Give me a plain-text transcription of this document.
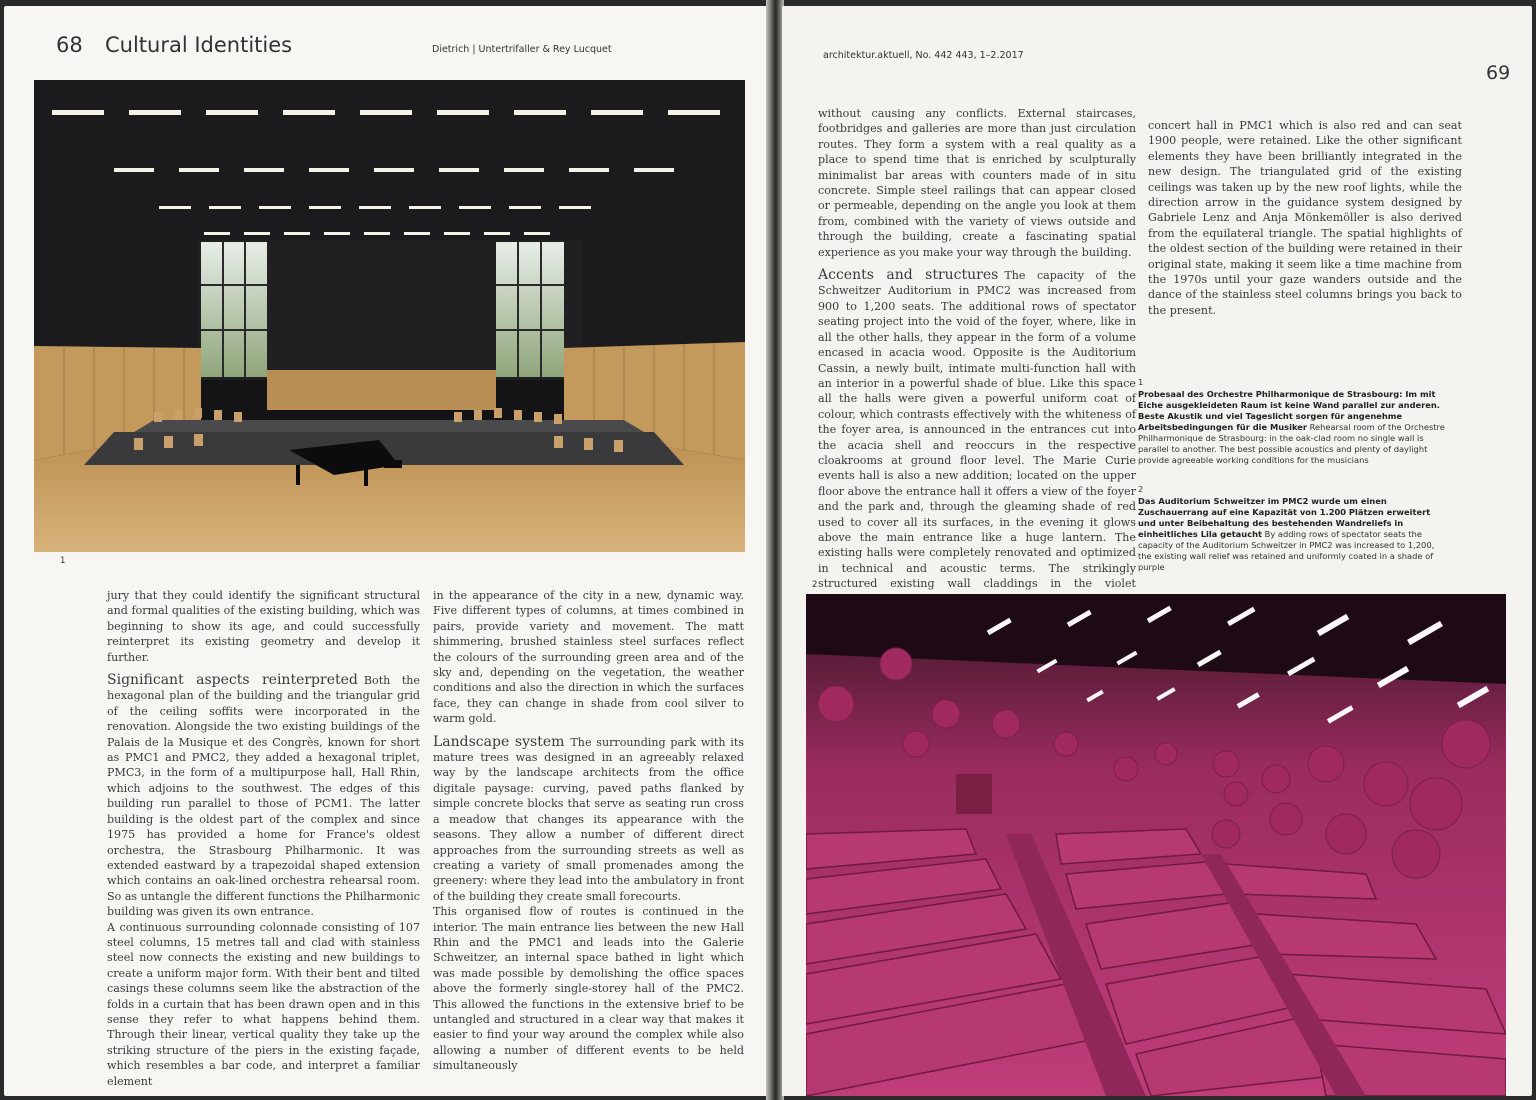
68 Cultural Identities	Dietrich | Untertrifaller & Rey Lucquet
1

jury that they could identify the significant structural and formal qualities of the existing building, which was beginning to show its age, and could successfully reinterpret its existing geometry and develop it further.

Significant aspects reinterpreted Both the hexagonal plan of the building and the triangular grid of the ceiling soffits were incorporated in the renovation. Alongside the two existing buildings of the Palais de la Musique et des Congrès, known for short as PMC1 and PMC2, they added a hexagonal triplet, PMC3, in the form of a multipurpose hall, Hall Rhin, which adjoins to the southwest. The edges of this building run parallel to those of PCM1. The latter building is the oldest part of the complex and since 1975 has provided a home for France's oldest orchestra, the Strasbourg Philharmonic. It was extended eastward by a trapezoidal shaped extension which contains an oak-lined orchestra rehearsal room. So as untangle the different functions the Philharmonic building was given its own entrance.

A continuous surrounding colonnade consisting of 107 steel columns, 15 metres tall and clad with stainless steel now connects the existing and new buildings to create a uniform major form. With their bent and tilted casings these columns seem like the abstraction of the folds in a curtain that has been drawn open and in this sense they refer to what happens behind them. Through their linear, vertical quality they take up the striking structure of the piers in the existing façade, which resembles a bar code, and interpret a familiar element

in the appearance of the city in a new, dynamic way. Five different types of columns, at times combined in pairs, provide variety and movement. The matt shimmering, brushed stainless steel surfaces reflect the colours of the surrounding green area and of the sky and, depending on the vegetation, the weather conditions and also the direction in which the surfaces face, they can change in shade from cool silver to warm gold.

Landscape system The surrounding park with its mature trees was designed in an agreeably relaxed way by the landscape architects from the office digitale paysage: curving, paved paths flanked by simple concrete blocks that serve as seating run cross a meadow that changes its appearance with the seasons. They allow a number of different direct approaches from the surrounding streets as well as creating a variety of small promenades among the greenery: where they lead into the ambulatory in front of the building they create small forecourts.

This organised flow of routes is continued in the interior. The main entrance lies between the new Hall Rhin and the PMC1 and leads into the Galerie Schweitzer, an internal space bathed in light which was made possible by demolishing the office spaces above the formerly single-storey hall of the PMC2. This allowed the functions in the extensive brief to be untangled and structured in a clear way that makes it easier to find your way around the complex while also allowing a number of different events to be held simultaneously

architektur.aktuell, No. 442 443, 1–2.2017
69

without causing any conflicts. External staircases, footbridges and galleries are more than just circulation routes. They form a system with a real quality as a place to spend time that is enriched by sculpturally minimalist bar areas with counters made of in situ concrete. Simple steel railings that can appear closed or permeable, depending on the angle you look at them from, combined with the variety of views outside and through the building, create a fascinating spatial experience as you make your way through the building.

Accents and structures The capacity of the Schweitzer Auditorium in PMC2 was increased from 900 to 1,200 seats. The additional rows of spectator seating project into the void of the foyer, where, like in all the other halls, they appear in the form of a volume encased in acacia wood. Opposite is the Auditorium Cassin, a newly built, intimate multi-function hall with an interior in a powerful shade of blue. Like this space all the halls were given a powerful uniform coat of colour, which contrasts effectively with the whiteness of the foyer area, is announced in the entrances cut into the acacia shell and reoccurs in the respective cloakrooms at ground floor level. The Marie Curie events hall is also a new addition; located on the upper floor above the entrance hall it offers a view of the foyer and the park and, through the gleaming shade of red used to cover all its surfaces, in the evening it glows above the main entrance like a huge lantern. The existing halls were completely renovated and optimized in technical and acoustic terms. The strikingly structured existing wall claddings in the violet

concert hall in PMC1 which is also red and can seat 1900 people, were retained. Like the other significant elements they have been brilliantly integrated in the new design. The triangulated grid of the existing ceilings was taken up by the new roof lights, while the direction arrow in the guidance system designed by Gabriele Lenz and Anja Mönkemöller is also derived from the equilateral triangle. The spatial highlights of the oldest section of the building were retained in their original state, making it seem like a time machine from the 1970s until your gaze wanders outside and the dance of the stainless steel columns brings you back to the present.

1
Probesaal des Orchestre Philharmonique de Strasbourg: Im mit Eiche ausgekleideten Raum ist keine Wand parallel zur anderen. Beste Akustik und viel Tageslicht sorgen für angenehme Arbeitsbedingungen für die Musiker Rehearsal room of the Orchestre Philharmonique de Strasbourg: in the oak-clad room no single wall is parallel to another. The best possible acoustics and plenty of daylight provide agreeable working conditions for the musicians
2
Das Auditorium Schweitzer im PMC2 wurde um einen Zuschauerrang auf eine Kapazität von 1.200 Plätzen erweitert und unter Beibehaltung des bestehenden Wandreliefs in einheitliches Lila getaucht By adding rows of spectator seats the capacity of the Auditorium Schweitzer in PMC2 was increased to 1,200, the existing wall relief was retained and uniformly coated in a shade of purple
2
